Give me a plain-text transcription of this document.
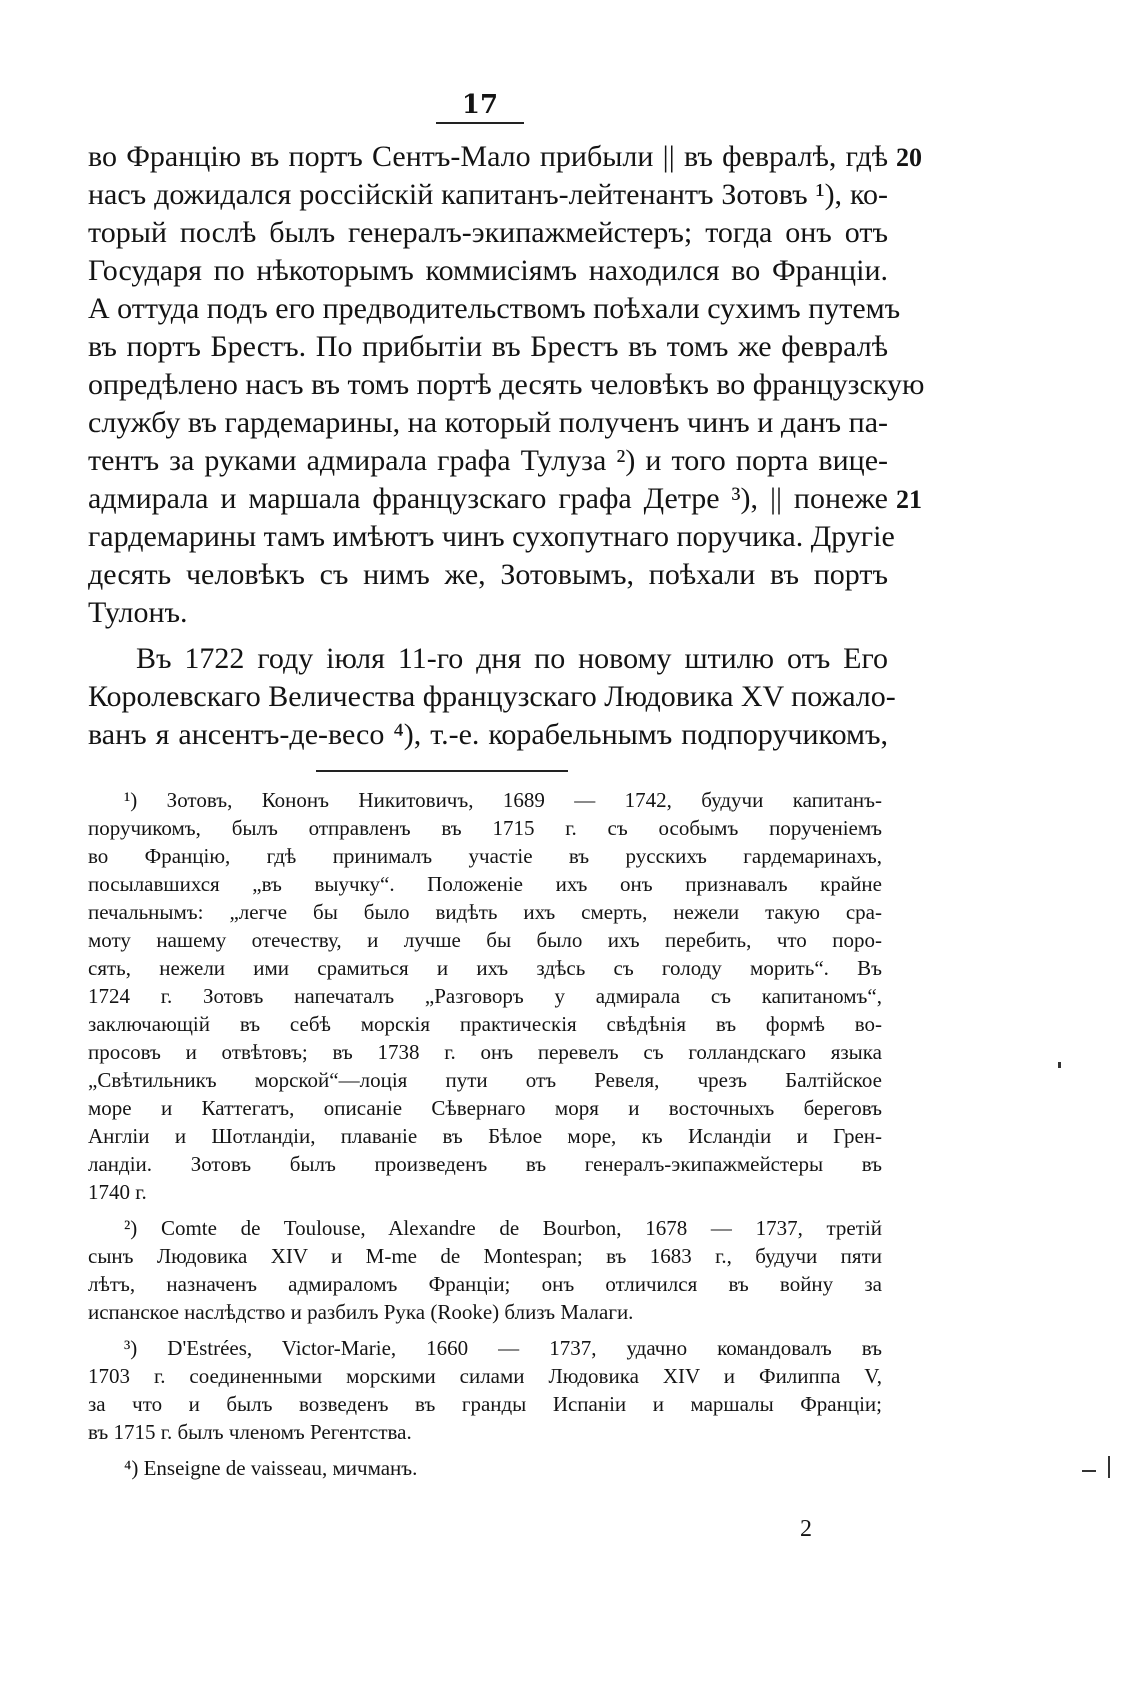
17
во Францію въ портъ Сентъ-Мало прибыли || въ февралѣ, гдѣ
насъ дожидался россійскій капитанъ-лейтенантъ Зотовъ ¹), ко-
торый послѣ былъ генералъ-экипажмейстеръ; тогда онъ отъ
Государя по нѣкоторымъ коммисіямъ находился во Франціи.
А оттуда подъ его предводительствомъ поѣхали сухимъ путемъ
въ портъ Брестъ. По прибытіи въ Брестъ въ томъ же февралѣ
опредѣлено насъ въ томъ портѣ десять человѣкъ во французскую
службу въ гардемарины, на который полученъ чинъ и данъ па-
тентъ за руками адмирала графа Тулуза ²) и того порта вице-
адмирала и маршала французскаго графа Детре ³), || понеже
гардемарины тамъ имѣютъ чинъ сухопутнаго поручика. Другіе
десять человѣкъ съ нимъ же, Зотовымъ, поѣхали въ портъ
Тулонъ.
Въ 1722 году іюля 11-го дня по новому штилю отъ Его
Королевскаго Величества французскаго Людовика XV пожало-
ванъ я ансентъ-де-весо ⁴), т.-е. корабельнымъ подпоручикомъ,
20
21
¹) Зотовъ, Кононъ Никитовичъ, 1689 — 1742, будучи капитанъ-
поручикомъ, былъ отправленъ въ 1715 г. съ особымъ порученіемъ
во Францію, гдѣ принималъ участіе въ русскихъ гардемаринахъ,
посылавшихся „въ выучку“. Положеніе ихъ онъ признавалъ крайне
печальнымъ: „легче бы было видѣть ихъ смерть, нежели такую сра-
моту нашему отечеству, и лучше бы было ихъ перебить, что поро-
сять, нежели ими срамиться и ихъ здѣсь съ голоду морить“. Въ
1724 г. Зотовъ напечаталъ „Разговоръ у адмирала съ капитаномъ“,
заключающій въ себѣ морскія практическія свѣдѣнія въ формѣ во-
просовъ и отвѣтовъ; въ 1738 г. онъ перевелъ съ голландскаго языка
„Свѣтильникъ морской“—лоція пути отъ Ревеля, чрезъ Балтійское
море и Каттегатъ, описаніе Сѣвернаго моря и восточныхъ береговъ
Англіи и Шотландіи, плаваніе въ Бѣлое море, къ Исландіи и Грен-
ландіи. Зотовъ былъ произведенъ въ генералъ-экипажмейстеры въ
1740 г.
²) Comte de Toulouse, Alexandre de Bourbon, 1678 — 1737, третій
сынъ Людовика XIV и M-me de Montespan; въ 1683 г., будучи пяти
лѣтъ, назначенъ адмираломъ Франціи; онъ отличился въ войну за
испанское наслѣдство и разбилъ Рука (Rooke) близъ Малаги.
³) D'Estrées, Victor-Marie, 1660 — 1737, удачно командовалъ въ
1703 г. соединенными морскими силами Людовика XIV и Филиппа V,
за что и былъ возведенъ въ гранды Испаніи и маршалы Франціи;
въ 1715 г. былъ членомъ Регентства.
⁴) Enseigne de vaisseau, мичманъ.
2
